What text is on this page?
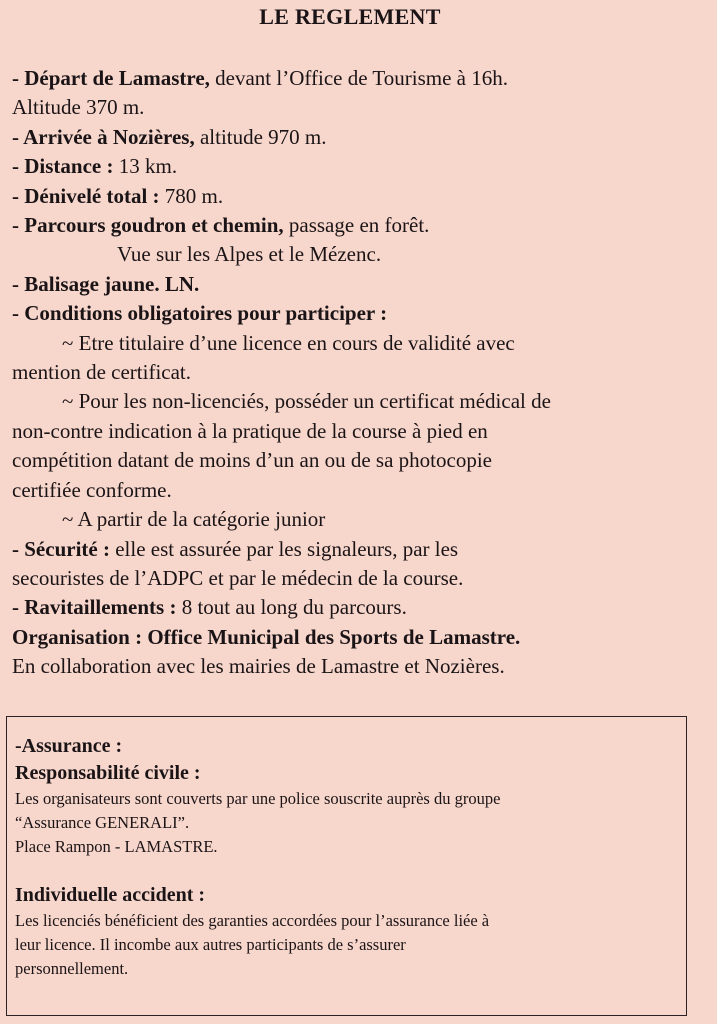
LE REGLEMENT
- Départ de Lamastre, devant l’Office de Tourisme à 16h.
Altitude 370 m.
- Arrivée à Nozières, altitude 970 m.
- Distance : 13 km.
- Dénivelé total : 780 m.
- Parcours goudron et chemin, passage en forêt.
Vue sur les Alpes et le Mézenc.
- Balisage jaune. LN.
- Conditions obligatoires pour participer :
~ Etre titulaire d’une licence en cours de validité avec
mention de certificat.
~ Pour les non-licenciés, posséder un certificat médical de
non-contre indication à la pratique de la course à pied en
compétition datant de moins d’un an ou de sa photocopie
certifiée conforme.
~ A partir de la catégorie junior
- Sécurité : elle est assurée par les signaleurs, par les
secouristes de l’ADPC et par le médecin de la course.
- Ravitaillements : 8 tout au long du parcours.
Organisation : Office Municipal des Sports de Lamastre.
En collaboration avec les mairies de Lamastre et Nozières.
-Assurance :
Responsabilité civile :
Les organisateurs sont couverts par une police souscrite auprès du groupe
“Assurance GENERALI”.
Place Rampon - LAMASTRE.
Individuelle accident :
Les licenciés bénéficient des garanties accordées pour l’assurance liée à
leur licence. Il incombe aux autres participants de s’assurer
personnellement.
